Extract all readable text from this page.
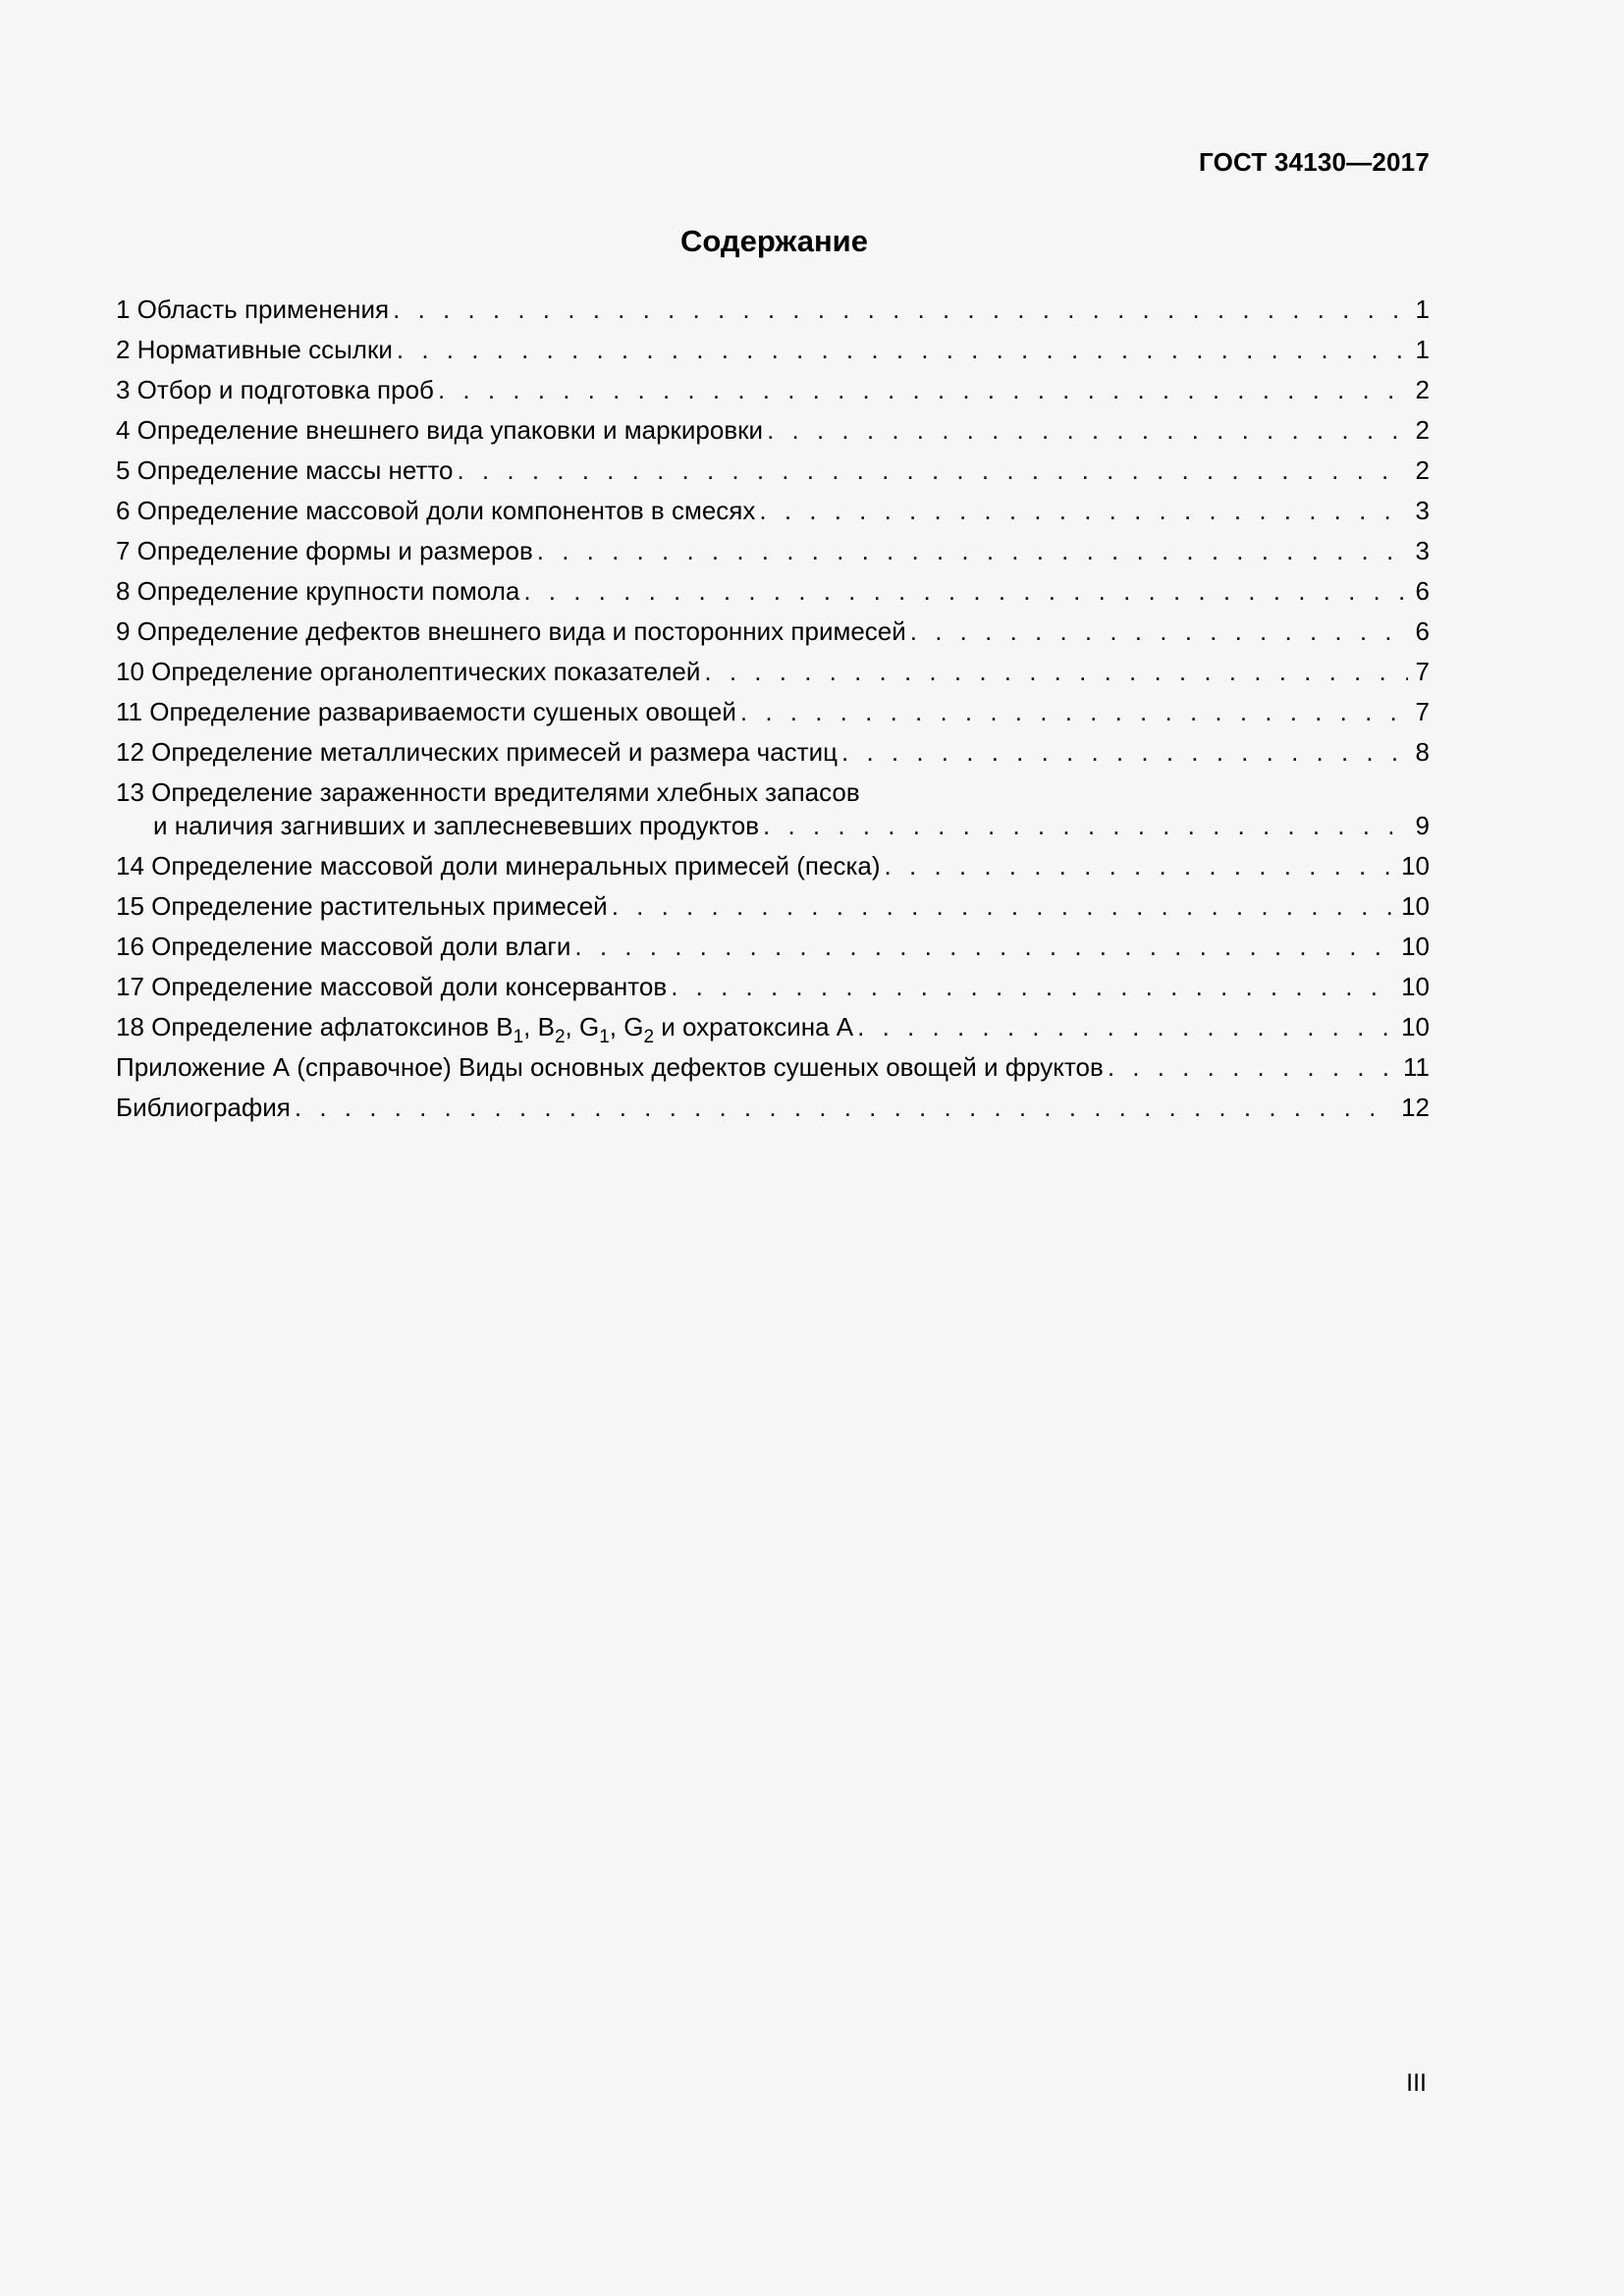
ГОСТ 34130—2017
Содержание
1 Область применения . . .	1
2 Нормативные ссылки . . .	1
3 Отбор и подготовка проб . . .	2
4 Определение внешнего вида упаковки и маркировки . . .	2
5 Определение массы нетто . . .	2
6 Определение массовой доли компонентов в смесях . . .	3
7 Определение формы и размеров . . .	3
8 Определение крупности помола . . .	6
9 Определение дефектов внешнего вида и посторонних примесей . . .	6
10 Определение органолептических показателей . . .	7
11 Определение развариваемости сушеных овощей . . .	7
12 Определение металлических примесей и размера частиц . . .	8
13 Определение зараженности вредителями хлебных запасов
и наличия загнивших и заплесневевших продуктов . . .	9
14 Определение массовой доли минеральных примесей (песка) . . .	10
15 Определение растительных примесей . . .	10
16 Определение массовой доли влаги . . .	10
17 Определение массовой доли консервантов . . .	10
18 Определение афлатоксинов $B_1$, $B_2$, $G_1$, $G_2$ и охратоксина А . . .	10
Приложение А (справочное) Виды основных дефектов сушеных овощей и фруктов . . .	11
Библиография . . .	12
III
